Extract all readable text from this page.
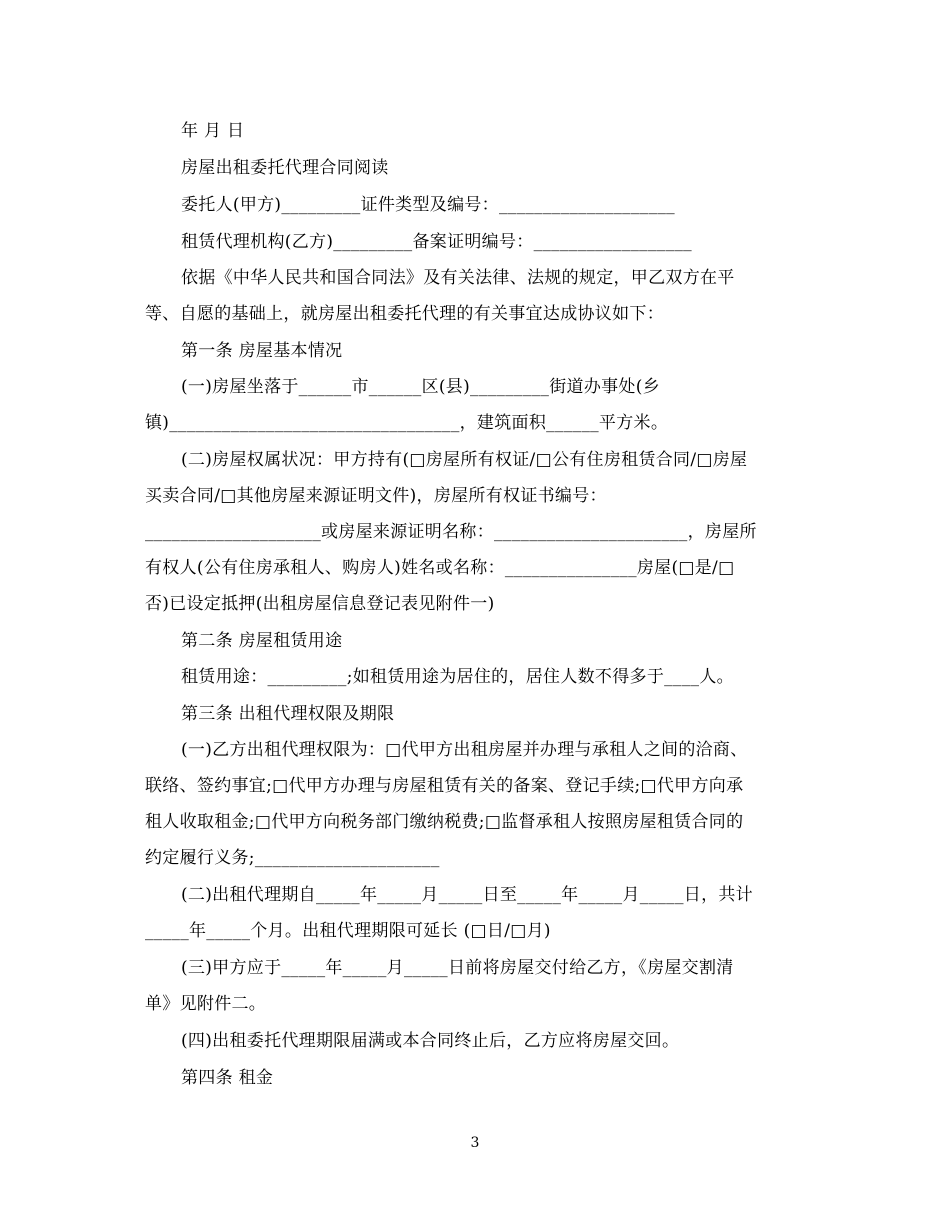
年 月 日
房屋出租委托代理合同阅读
委托人(甲方)_________证件类型及编号：____________________
租赁代理机构(乙方)_________备案证明编号：__________________
依据《中华人民共和国合同法》及有关法律、法规的规定，甲乙双方在平
等、自愿的基础上，就房屋出租委托代理的有关事宜达成协议如下：
第一条 房屋基本情况
(一)房屋坐落于______市______区(县)_________街道办事处(乡
镇)_________________________________，建筑面积______平方米。
(二)房屋权属状况：甲方持有(□房屋所有权证/□公有住房租赁合同/□房屋
买卖合同/□其他房屋来源证明文件)，房屋所有权证书编号：
____________________或房屋来源证明名称：______________________，房屋所
有权人(公有住房承租人、购房人)姓名或名称：_______________房屋(□是/□
否)已设定抵押(出租房屋信息登记表见附件一)
第二条 房屋租赁用途
租赁用途：_________;如租赁用途为居住的，居住人数不得多于____人。
第三条 出租代理权限及期限
(一)乙方出租代理权限为：□代甲方出租房屋并办理与承租人之间的洽商、
联络、签约事宜;□代甲方办理与房屋租赁有关的备案、登记手续;□代甲方向承
租人收取租金;□代甲方向税务部门缴纳税费;□监督承租人按照房屋租赁合同的
约定履行义务;_____________________
(二)出租代理期自_____年_____月_____日至_____年_____月_____日，共计
_____年_____个月。出租代理期限可延长 (□日/□月)
(三)甲方应于_____年_____月_____日前将房屋交付给乙方，《房屋交割清
单》见附件二。
(四)出租委托代理期限届满或本合同终止后，乙方应将房屋交回。
第四条 租金
3
